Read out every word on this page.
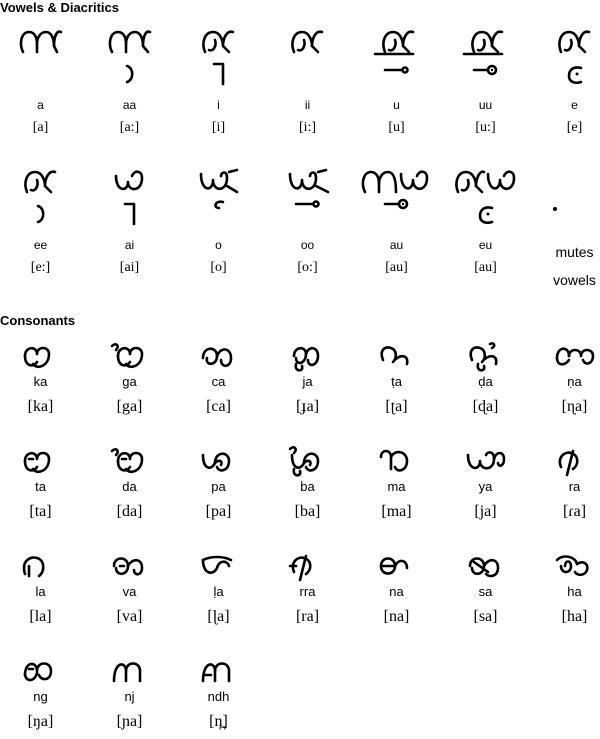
Vowels & Diacritics
Consonants
a
[a]
aa
[a:]
i
[i]
ii
[i:]
u
[u]
uu
[u:]
e
[e]
ee
[e:]
ai
[ai]
o
[o]
oo
[o:]
au
[au]
eu
[au]
mutes
vowels
ka
[ka]
ga
[ga]
ca
[ca]
ja
[ɟa]
ṭa
[ʈa]
ḍa
[ɖa]
ṇa
[ɳa]
ta
[ta]
da
[da]
pa
[pa]
ba
[ba]
ma
[ma]
ya
[ja]
ra
[ɾa]
la
[la]
va
[va]
ḷa
[ɭa]
rra
[ra]
na
[na]
sa
[sa]
ha
[ha]
ng
[ŋa]
nj
[ɲa]
ndh
[n̪]
